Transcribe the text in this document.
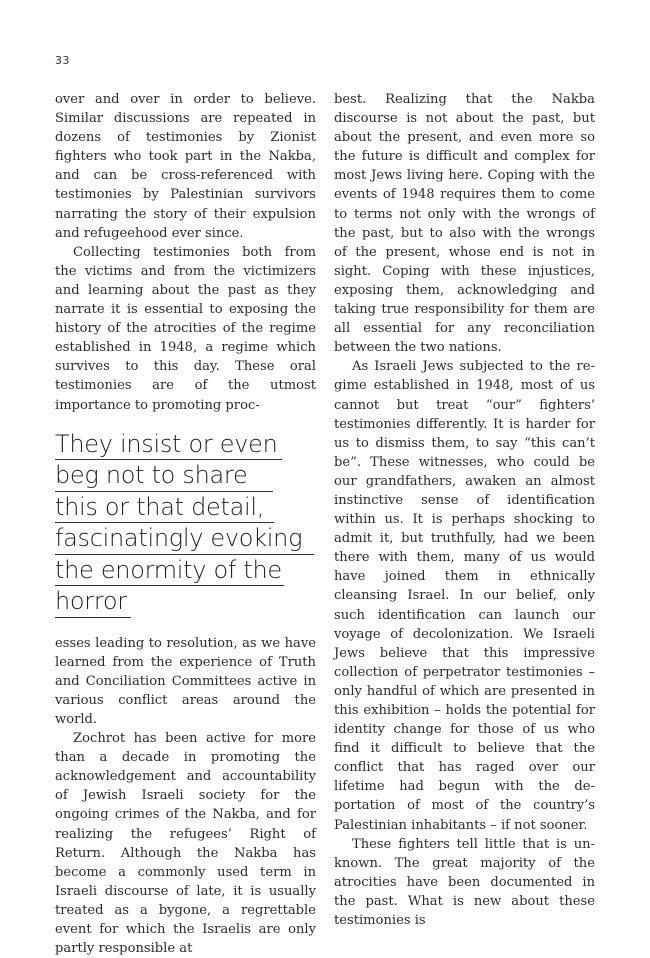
33

over and over in order to believe. Similar discussions are repeated in dozens of testimonies by Zionist fighters who took part in the Nakba, and can be cross-referenced with testimonies by Palestinian survivors narrating the story of their expulsion and refugeehood ever since.

Collecting testimonies both from the victims and from the victimizers and learning about the past as they narrate it is essential to exposing the history of the atrocities of the regime established in 1948, a regime which survives to this day. These oral testimonies are of the utmost importance to promoting proc-

They insist or even
beg not to share
this or that detail,
fascinatingly evoking
the enormity of the
horror

esses leading to resolution, as we have learned from the experience of Truth and Conciliation Committees active in various conflict areas around the world.

Zochrot has been active for more than a decade in promoting the acknowledgement and accountability of Jewish Israeli society for the ongoing crimes of the Nakba, and for realizing the refugees’ Right of Return. Although the Nakba has become a commonly used term in Israeli discourse of late, it is usually treated as a bygone, a regrettable event for which the Israelis are only partly responsible at

best. Realizing that the Nakba discourse is not about the past, but about the present, and even more so the future is difficult and complex for most Jews living here. Coping with the events of 1948 requires them to come to terms not only with the wrongs of the past, but to also with the wrongs of the present, whose end is not in sight. Coping with these injustices, exposing them, acknowledging and taking true responsibility for them are all essential for any reconciliation between the two nations.

As Israeli Jews subjected to the regime established in 1948, most of us cannot but treat “our” fighters’ testimonies differently. It is harder for us to dismiss them, to say “this can’t be”. These witnesses, who could be our grandfathers, awaken an almost instinctive sense of identification within us. It is perhaps shocking to admit it, but truthfully, had we been there with them, many of us would have joined them in ethnically cleansing Israel. In our belief, only such identification can launch our voyage of decolonization. We Israeli Jews believe that this impressive collection of perpetrator testimonies – only handful of which are presented in this exhibition – holds the potential for identity change for those of us who find it difficult to believe that the conflict that has raged over our lifetime had begun with the deportation of most of the country’s Palestinian inhabitants – if not sooner.

These fighters tell little that is unknown. The great majority of the atrocities have been documented in the past. What is new about these testimonies is
